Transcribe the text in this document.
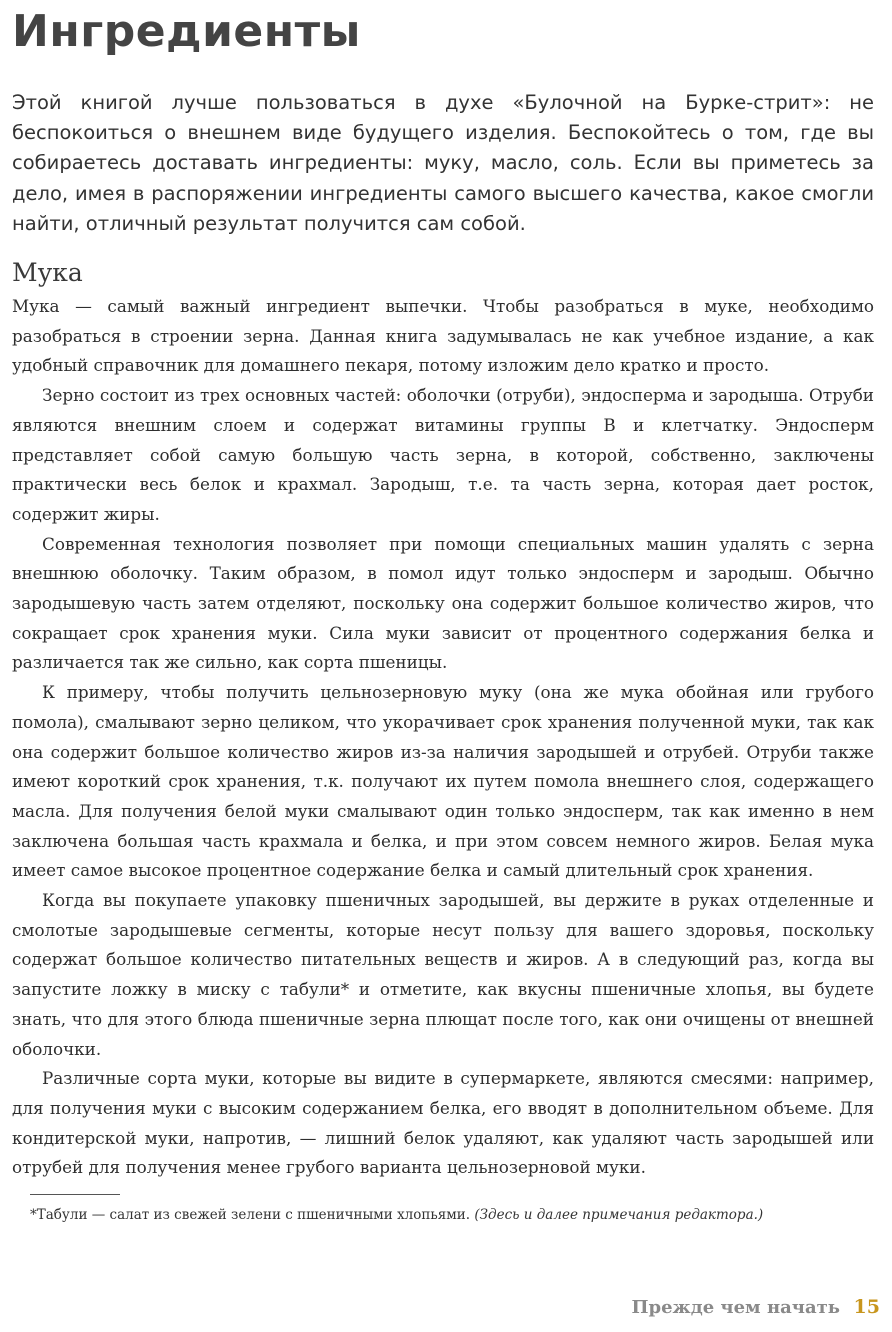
Ингредиенты

Этой книгой лучше пользоваться в духе «Булочной на Бурке-стрит»: не беспокоиться о внешнем виде будущего изделия. Беспокойтесь о том, где вы собираетесь доставать ингредиенты: муку, масло, соль. Если вы приметесь за дело, имея в распоряжении ингредиенты самого высшего качества, какое смогли найти, отличный результат получится сам собой.

Мука

Мука — самый важный ингредиент выпечки. Чтобы разобраться в муке, необходимо разобраться в строении зерна. Данная книга задумывалась не как учебное издание, а как удобный справочник для домашнего пекаря, потому изложим дело кратко и просто.

Зерно состоит из трех основных частей: оболочки (отруби), эндосперма и зародыша. Отруби являются внешним слоем и содержат витамины группы B и клетчатку. Эндосперм представляет собой самую большую часть зерна, в которой, собственно, заключены практически весь белок и крахмал. Зародыш, т.е. та часть зерна, которая дает росток, содержит жиры.

Современная технология позволяет при помощи специальных машин удалять с зерна внешнюю оболочку. Таким образом, в помол идут только эндосперм и зародыш. Обычно зародышевую часть затем отделяют, поскольку она содержит большое количество жиров, что сокращает срок хранения муки. Сила муки зависит от процентного содержания белка и различается так же сильно, как сорта пшеницы.

К примеру, чтобы получить цельнозерновую муку (она же мука обойная или грубого помола), смалывают зерно целиком, что укорачивает срок хранения полученной муки, так как она содержит большое количество жиров из-за наличия зародышей и отрубей. Отруби также имеют короткий срок хранения, т.к. получают их путем помола внешнего слоя, содержащего масла. Для получения белой муки смалывают один только эндосперм, так как именно в нем заключена большая часть крахмала и белка, и при этом совсем немного жиров. Белая мука имеет самое высокое процентное содержание белка и самый длительный срок хранения.

Когда вы покупаете упаковку пшеничных зародышей, вы держите в руках отделенные и смолотые зародышевые сегменты, которые несут пользу для вашего здоровья, поскольку содержат большое количество питательных веществ и жиров. А в следующий раз, когда вы запустите ложку в миску с табули* и отметите, как вкусны пшеничные хлопья, вы будете знать, что для этого блюда пшеничные зерна плющат после того, как они очищены от внешней оболочки.

Различные сорта муки, которые вы видите в супермаркете, являются смесями: например, для получения муки с высоким содержанием белка, его вводят в дополнительном объеме. Для кондитерской муки, напротив, — лишний белок удаляют, как удаляют часть зародышей или отрубей для получения менее грубого варианта цельнозерновой муки.

*Табули — салат из свежей зелени с пшеничными хлопьями. (Здесь и далее примечания редактора.)

Прежде чем начать 15
